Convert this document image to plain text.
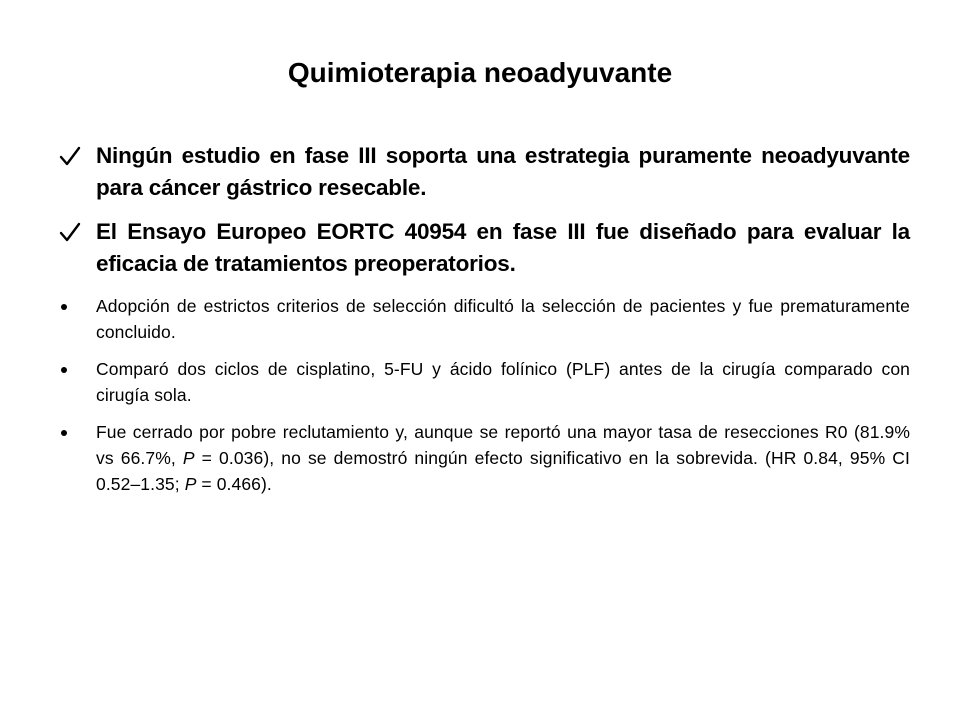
Quimioterapia neoadyuvante
Ningún estudio en fase III soporta una estrategia puramente neoadyuvante para cáncer gástrico resecable.
El Ensayo Europeo EORTC 40954 en fase III fue diseñado para evaluar la eficacia de tratamientos preoperatorios.
Adopción de estrictos criterios de selección dificultó la selección de pacientes y fue prematuramente concluido.
Comparó dos ciclos de cisplatino, 5-FU y ácido folínico (PLF) antes de la cirugía comparado con cirugía sola.
Fue cerrado por pobre reclutamiento y, aunque se reportó una mayor tasa de resecciones R0 (81.9% vs 66.7%, P = 0.036), no se demostró ningún efecto significativo en la sobrevida. (HR 0.84, 95% CI 0.52–1.35; P = 0.466).
